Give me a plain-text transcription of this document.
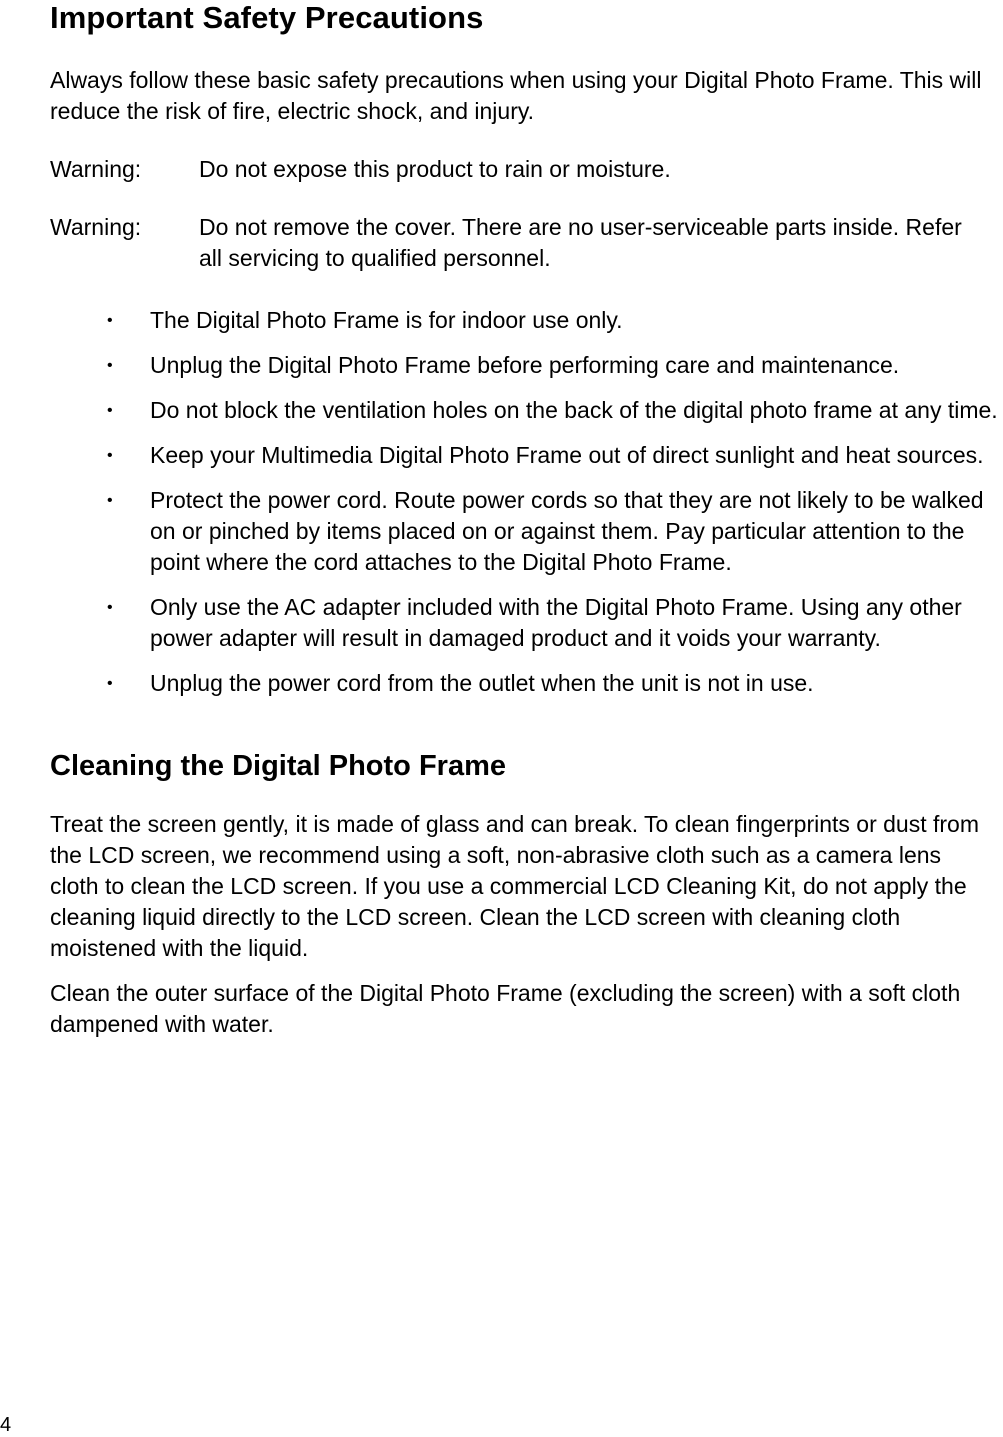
Important Safety Precautions

Always follow these basic safety precautions when using your Digital Photo Frame. This will reduce the risk of fire, electric shock, and injury.

Warning:	Do not expose this product to rain or moisture.
Warning:	Do not remove the cover. There are no user-serviceable parts inside. Refer all servicing to qualified personnel.
•	The Digital Photo Frame is for indoor use only.
•	Unplug the Digital Photo Frame before performing care and maintenance.
•	Do not block the ventilation holes on the back of the digital photo frame at any time.
•	Keep your Multimedia Digital Photo Frame out of direct sunlight and heat sources.
•	Protect the power cord. Route power cords so that they are not likely to be walked on or pinched by items placed on or against them. Pay particular attention to the point where the cord attaches to the Digital Photo Frame.
•	Only use the AC adapter included with the Digital Photo Frame. Using any other power adapter will result in damaged product and it voids your warranty.
•	Unplug the power cord from the outlet when the unit is not in use.
Cleaning the Digital Photo Frame

Treat the screen gently, it is made of glass and can break. To clean fingerprints or dust from the LCD screen, we recommend using a soft, non-abrasive cloth such as a camera lens cloth to clean the LCD screen. If you use a commercial LCD Cleaning Kit, do not apply the cleaning liquid directly to the LCD screen. Clean the LCD screen with cleaning cloth moistened with the liquid.

Clean the outer surface of the Digital Photo Frame (excluding the screen) with a soft cloth dampened with water.

4
